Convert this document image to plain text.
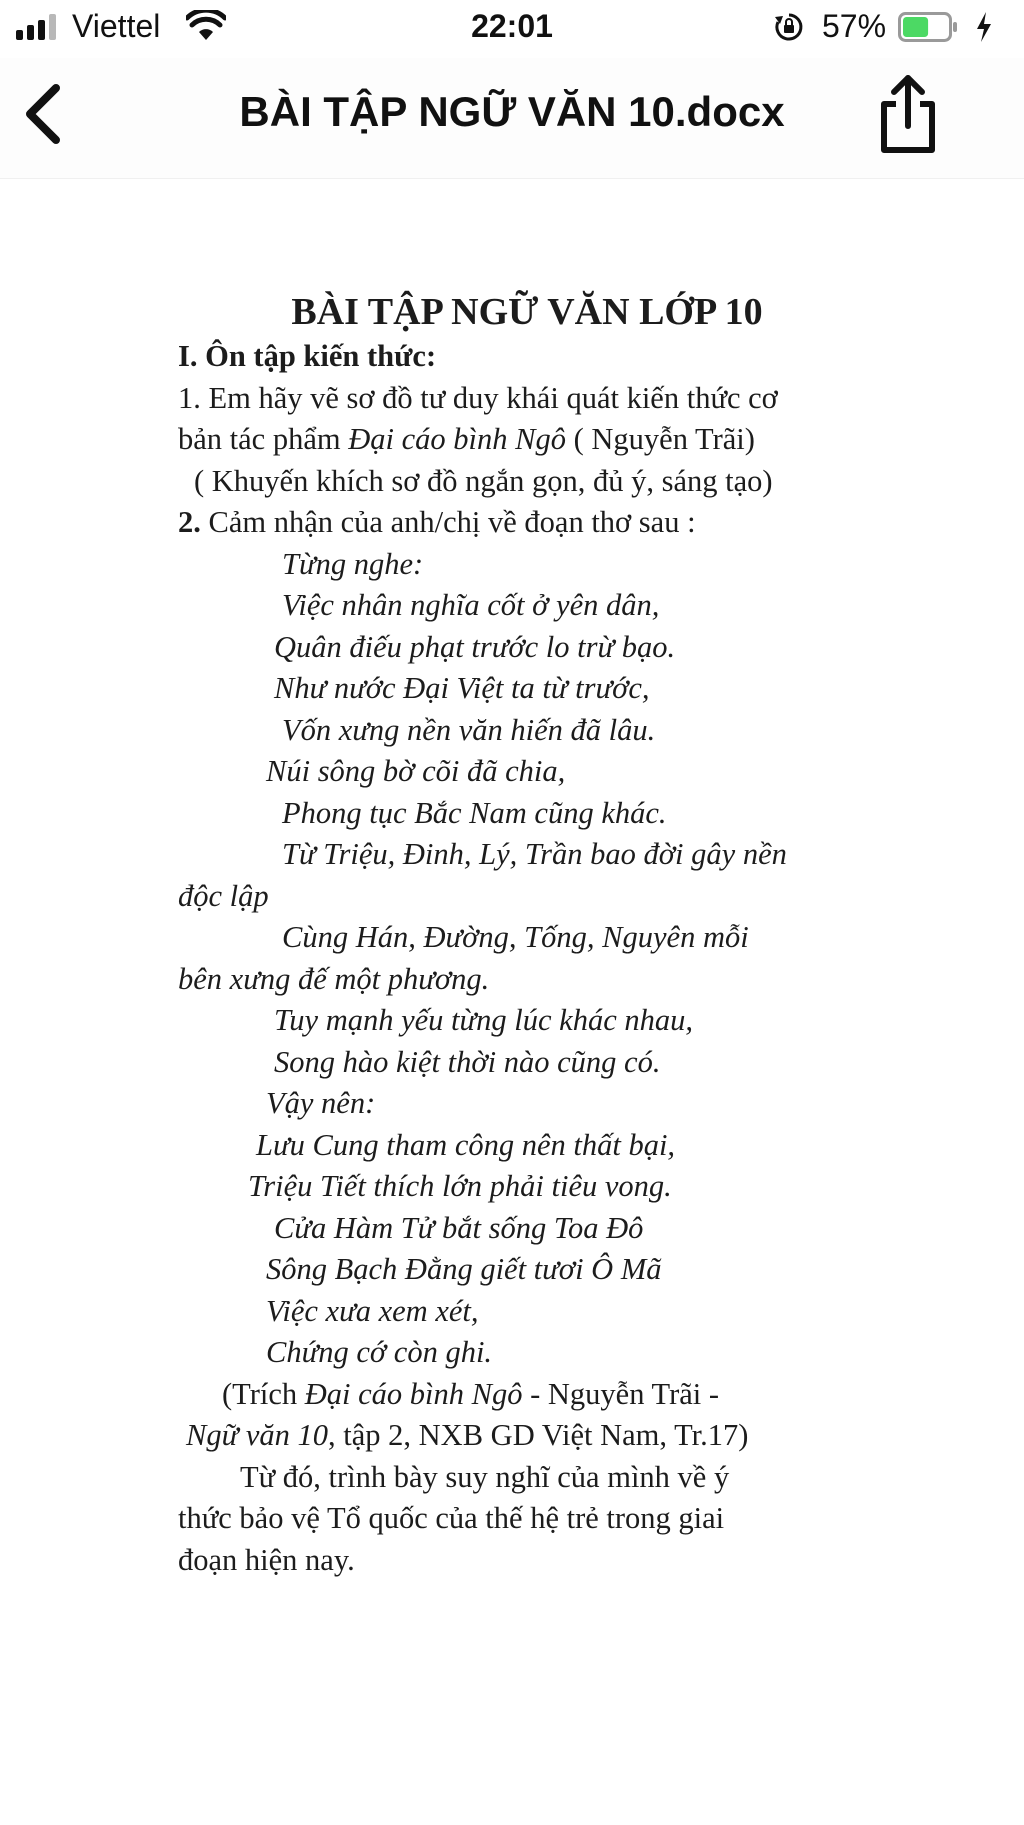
Viettel	22:01	57%
BÀI TẬP NGỮ VĂN 10.docx
BÀI TẬP NGỮ VĂN LỚP 10
I. Ôn tập kiến thức:
1. Em hãy vẽ sơ đồ tư duy khái quát kiến thức cơ
bản tác phẩm Đại cáo bình Ngô ( Nguyễn Trãi)
( Khuyến khích sơ đồ ngắn gọn, đủ ý, sáng tạo)
2. Cảm nhận của anh/chị về đoạn thơ sau :
Từng nghe:
Việc nhân nghĩa cốt ở yên dân,
Quân điếu phạt trước lo trừ bạo.
Như nước Đại Việt ta từ trước,
Vốn xưng nền văn hiến đã lâu.
Núi sông bờ cõi đã chia,
Phong tục Bắc Nam cũng khác.
Từ Triệu, Đinh, Lý, Trần bao đời gây nền
độc lập
Cùng Hán, Đường, Tống, Nguyên mỗi
bên xưng đế một phương.
Tuy mạnh yếu từng lúc khác nhau,
Song hào kiệt thời nào cũng có.
Vậy nên:
Lưu Cung tham công nên thất bại,
Triệu Tiết thích lớn phải tiêu vong.
Cửa Hàm Tử bắt sống Toa Đô
Sông Bạch Đằng giết tươi Ô Mã
Việc xưa xem xét,
Chứng cớ còn ghi.
(Trích Đại cáo bình Ngô - Nguyễn Trãi -
Ngữ văn 10, tập 2, NXB GD Việt Nam, Tr.17)
Từ đó, trình bày suy nghĩ của mình về ý
thức bảo vệ Tổ quốc của thế hệ trẻ trong giai
đoạn hiện nay.
